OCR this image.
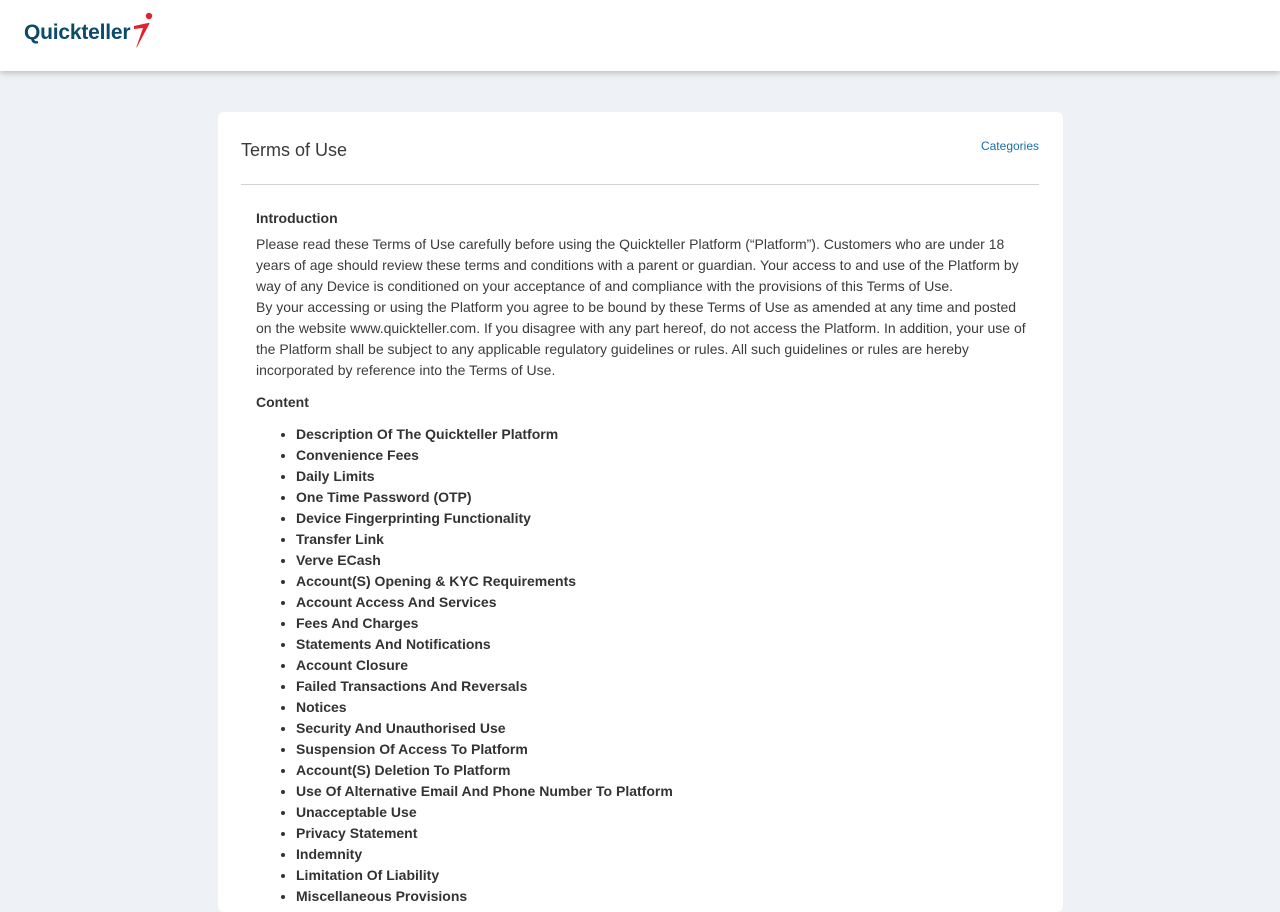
Quickteller
Terms of Use	Categories
Introduction

Please read these Terms of Use carefully before using the Quickteller Platform (“Platform”). Customers who are under 18 years of age should review these terms and conditions with a parent or guardian. Your access to and use of the Platform by way of any Device is conditioned on your acceptance of and compliance with the provisions of this Terms of Use.

By your accessing or using the Platform you agree to be bound by these Terms of Use as amended at any time and posted on the website www.quickteller.com. If you disagree with any part hereof, do not access the Platform. In addition, your use of the Platform shall be subject to any applicable regulatory guidelines or rules. All such guidelines or rules are hereby incorporated by reference into the Terms of Use.

Content
• Description Of The Quickteller Platform
• Convenience Fees
• Daily Limits
• One Time Password (OTP)
• Device Fingerprinting Functionality
• Transfer Link
• Verve ECash
• Account(S) Opening & KYC Requirements
• Account Access And Services
• Fees And Charges
• Statements And Notifications
• Account Closure
• Failed Transactions And Reversals
• Notices
• Security And Unauthorised Use
• Suspension Of Access To Platform
• Account(S) Deletion To Platform
• Use Of Alternative Email And Phone Number To Platform
• Unacceptable Use
• Privacy Statement
• Indemnity
• Limitation Of Liability
• Miscellaneous Provisions
